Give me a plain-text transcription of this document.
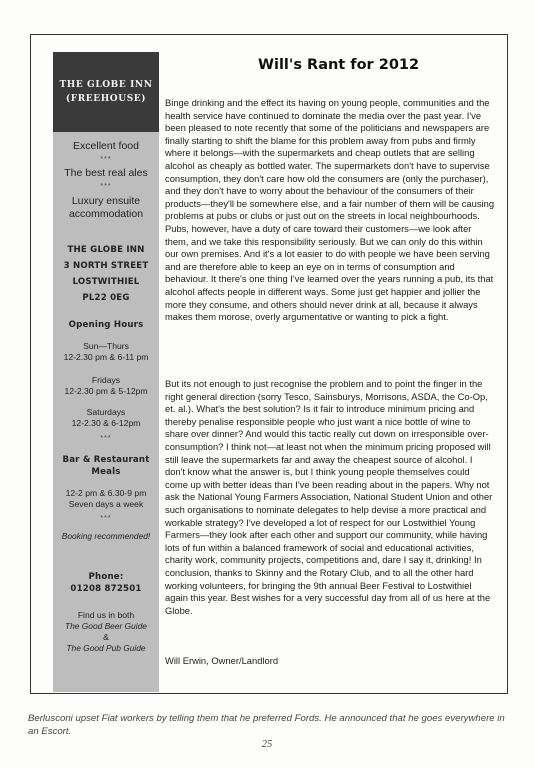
THE GLOBE INN
(FREEHOUSE)
Excellent food
***
The best real ales
***
Luxury ensuite
accommodation
THE GLOBE INN
3 NORTH STREET
LOSTWITHIEL
PL22 0EG
Opening Hours
Sun—Thurs
12-2.30 pm & 6-11 pm
Fridays
12-2.30 pm & 5-12pm
Saturdays
12-2.30 & 6-12pm
***
Bar & Restaurant
Meals
12-2 pm & 6.30-9 pm
Seven days a week
***
Booking recommended!
Phone:
01208 872501
Find us in both
The Good Beer Guide
&
The Good Pub Guide
Will's Rant for 2012

Binge drinking and the effect its having on young people, communities and the health service have continued to dominate the media over the past year. I've been pleased to note recently that some of the politicians and newspapers are finally starting to shift the blame for this problem away from pubs and firmly where it belongs—with the supermarkets and cheap outlets that are selling alcohol as cheaply as bottled water. The supermarkets don't have to supervise consumption, they don't care how old the consumers are (only the purchaser), and they don't have to worry about the behaviour of the consumers of their products—they'll be somewhere else, and a fair number of them will be causing problems at pubs or clubs or just out on the streets in local neighbourhoods. Pubs, however, have a duty of care toward their customers—we look after them, and we take this responsibility seriously. But we can only do this within our own premises. And it's a lot easier to do with people we have been serving and are therefore able to keep an eye on in terms of consumption and behaviour. It there's one thing I've learned over the years running a pub, its that alcohol affects people in different ways. Some just get happier and jollier the more they consume, and others should never drink at all, because it always makes them morose, overly argumentative or wanting to pick a fight.

But its not enough to just recognise the problem and to point the finger in the right general direction (sorry Tesco, Sainsburys, Morrisons, ASDA, the Co-Op, et. al.). What's the best solution? Is it fair to introduce minimum pricing and thereby penalise responsible people who just want a nice bottle of wine to share over dinner? And would this tactic really cut down on irresponsible over-consumption? I think not—at least not when the minimum pricing proposed will still leave the supermarkets far and away the cheapest source of alcohol. I don't know what the answer is, but I think young people themselves could come up with better ideas than I've been reading about in the papers. Why not ask the National Young Farmers Association, National Student Union and other such organisations to nominate delegates to help devise a more practical and workable strategy? I've developed a lot of respect for our Lostwithiel Young Farmers—they look after each other and support our community, while having lots of fun within a balanced framework of social and educational activities, charity work, community projects, competitions and, dare I say it, drinking! In conclusion, thanks to Skinny and the Rotary Club, and to all the other hard working volunteers, for bringing the 9th annual Beer Festival to Lostwithiel again this year. Best wishes for a very successful day from all of us here at the Globe.

Will Erwin, Owner/Landlord
Berlusconi upset Fiat workers by telling them that he preferred Fords. He announced that he goes everywhere in an Escort.
25
